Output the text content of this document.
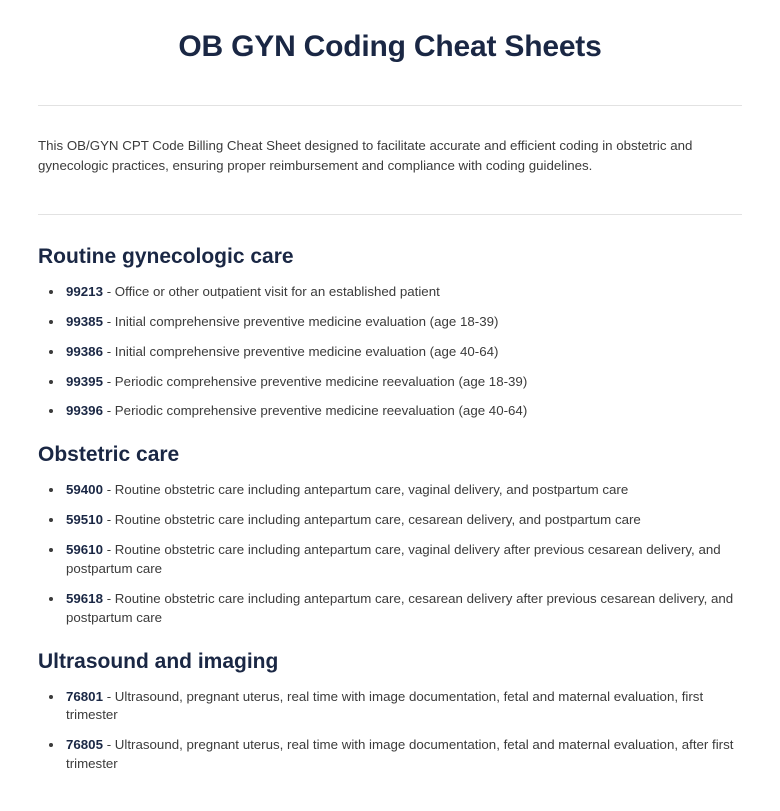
OB GYN Coding Cheat Sheets

This OB/GYN CPT Code Billing Cheat Sheet designed to facilitate accurate and efficient coding in obstetric and gynecologic practices, ensuring proper reimbursement and compliance with coding guidelines.

Routine gynecologic care
• 99213 - Office or other outpatient visit for an established patient
• 99385 - Initial comprehensive preventive medicine evaluation (age 18-39)
• 99386 - Initial comprehensive preventive medicine evaluation (age 40-64)
• 99395 - Periodic comprehensive preventive medicine reevaluation (age 18-39)
• 99396 - Periodic comprehensive preventive medicine reevaluation (age 40-64)
Obstetric care
• 59400 - Routine obstetric care including antepartum care, vaginal delivery, and postpartum care
• 59510 - Routine obstetric care including antepartum care, cesarean delivery, and postpartum care
• 59610 - Routine obstetric care including antepartum care, vaginal delivery after previous cesarean delivery, and postpartum care
• 59618 - Routine obstetric care including antepartum care, cesarean delivery after previous cesarean delivery, and postpartum care
Ultrasound and imaging
• 76801 - Ultrasound, pregnant uterus, real time with image documentation, fetal and maternal evaluation, first trimester
• 76805 - Ultrasound, pregnant uterus, real time with image documentation, fetal and maternal evaluation, after first trimester
